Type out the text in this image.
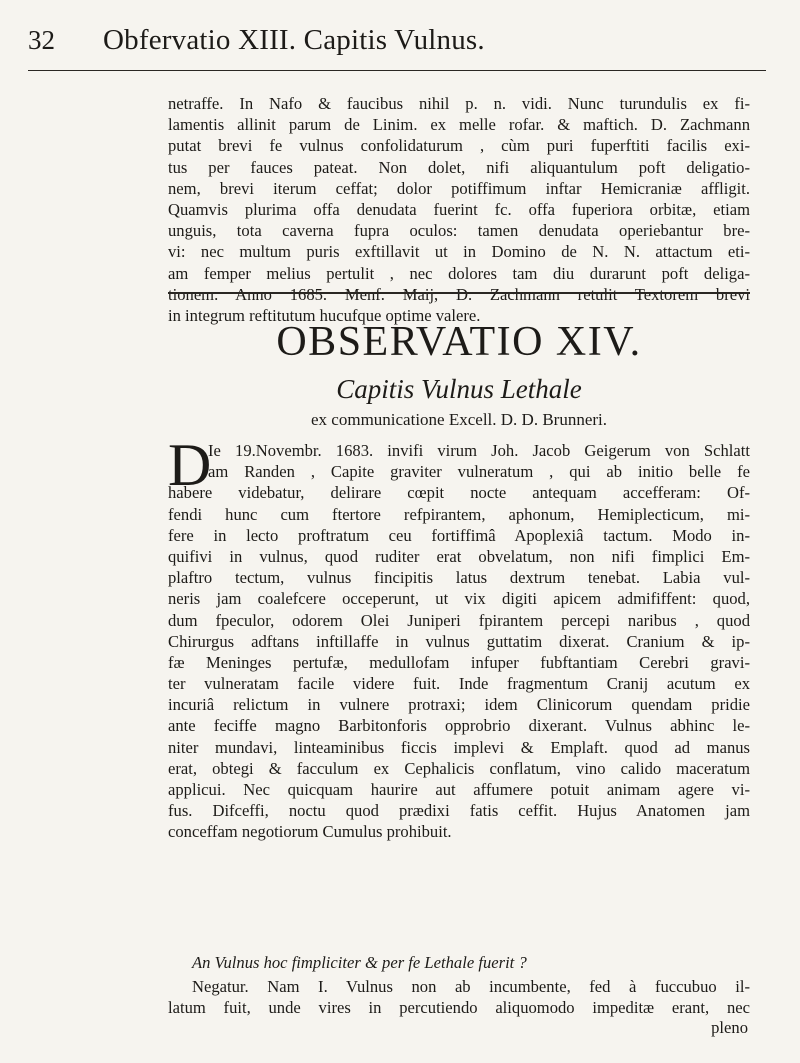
32 Obfervatio XIII. Capitis Vulnus.
netraffe. In Nafo & faucibus nihil p. n. vidi. Nunc turundulis ex fi-
lamentis allinit parum de Linim. ex melle rofar. & maftich. D. Zachmann
putat brevi fe vulnus confolidaturum , cùm puri fuperftiti facilis exi-
tus per fauces pateat. Non dolet, nifi aliquantulum poft deligatio-
nem, brevi iterum ceffat; dolor potiffimum inftar Hemicraniæ affligit.
Quamvis plurima offa denudata fuerint fc. offa fuperiora orbitæ, etiam
unguis, tota caverna fupra oculos: tamen denudata operiebantur bre-
vi: nec multum puris exftillavit ut in Domino de N. N. attactum eti-
am femper melius pertulit , nec dolores tam diu durarunt poft deliga-
tionem. Anno 1685. Menf. Maij, D. Zachmann retulit Textorem brevi
in integrum reftitutum hucufque optime valere.
OBSERVATIO XIV.
Capitis Vulnus Lethale
ex communicatione Excell. D. D. Brunneri.
D
Ie 19.Novembr. 1683. invifi virum Joh. Jacob Geigerum von Schlatt
am Randen , Capite graviter vulneratum , qui ab initio belle fe
habere videbatur, delirare cœpit nocte antequam accefferam: Of-
fendi hunc cum ftertore refpirantem, aphonum, Hemiplecticum, mi-
fere in lecto proftratum ceu fortiffimâ Apoplexiâ tactum. Modo in-
quifivi in vulnus, quod ruditer erat obvelatum, non nifi fimplici Em-
plaftro tectum, vulnus fincipitis latus dextrum tenebat. Labia vul-
neris jam coalefcere occeperunt, ut vix digiti apicem admififfent: quod,
dum fpeculor, odorem Olei Juniperi fpirantem percepi naribus , quod
Chirurgus adftans inftillaffe in vulnus guttatim dixerat. Cranium & ip-
fæ Meninges pertufæ, medullofam infuper fubftantiam Cerebri gravi-
ter vulneratam facile videre fuit. Inde fragmentum Cranij acutum ex
incuriâ relictum in vulnere protraxi; idem Clinicorum quendam pridie
ante feciffe magno Barbitonforis opprobrio dixerant. Vulnus abhinc le-
niter mundavi, linteaminibus ficcis implevi & Emplaft. quod ad manus
erat, obtegi & facculum ex Cephalicis conflatum, vino calido maceratum
applicui. Nec quicquam haurire aut affumere potuit animam agere vi-
fus. Difceffi, noctu quod prædixi fatis ceffit. Hujus Anatomen jam
conceffam negotiorum Cumulus prohibuit.
An Vulnus hoc fimpliciter & per fe Lethale fuerit ?
Negatur. Nam I. Vulnus non ab incumbente, fed à fuccubuo il-
latum fuit, unde vires in percutiendo aliquomodo impeditæ erant, nec
pleno
